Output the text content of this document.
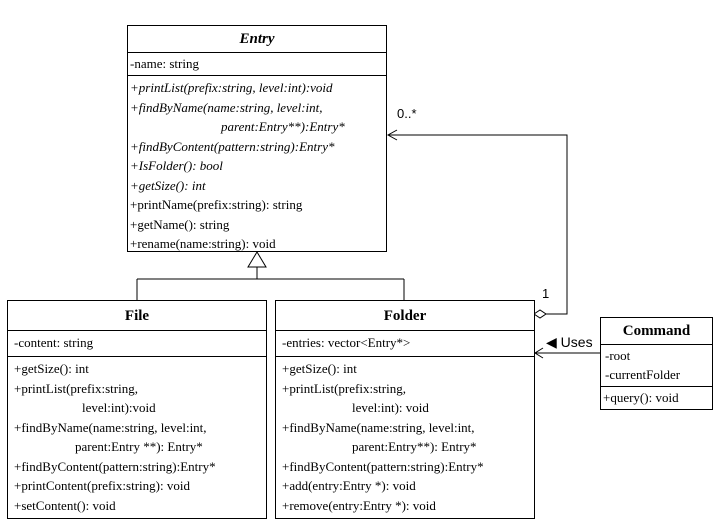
0..*
1
◀ Uses
Entry
-name: string
+printList(prefix:string, level:int):void
+findByName(name:string, level:int,
parent:Entry**):Entry*
+findByContent(pattern:string):Entry*
+IsFolder(): bool
+getSize(): int
+printName(prefix:string): string
+getName(): string
+rename(name:string): void
File
-content: string
+getSize(): int
+printList(prefix:string,
level:int):void
+findByName(name:string, level:int,
parent:Entry **): Entry*
+findByContent(pattern:string):Entry*
+printContent(prefix:string): void
+setContent(): void
Folder
-entries: vector<Entry*>
+getSize(): int
+printList(prefix:string,
level:int): void
+findByName(name:string, level:int,
parent:Entry**): Entry*
+findByContent(pattern:string):Entry*
+add(entry:Entry *): void
+remove(entry:Entry *): void
Command
-root
-currentFolder
+query(): void
